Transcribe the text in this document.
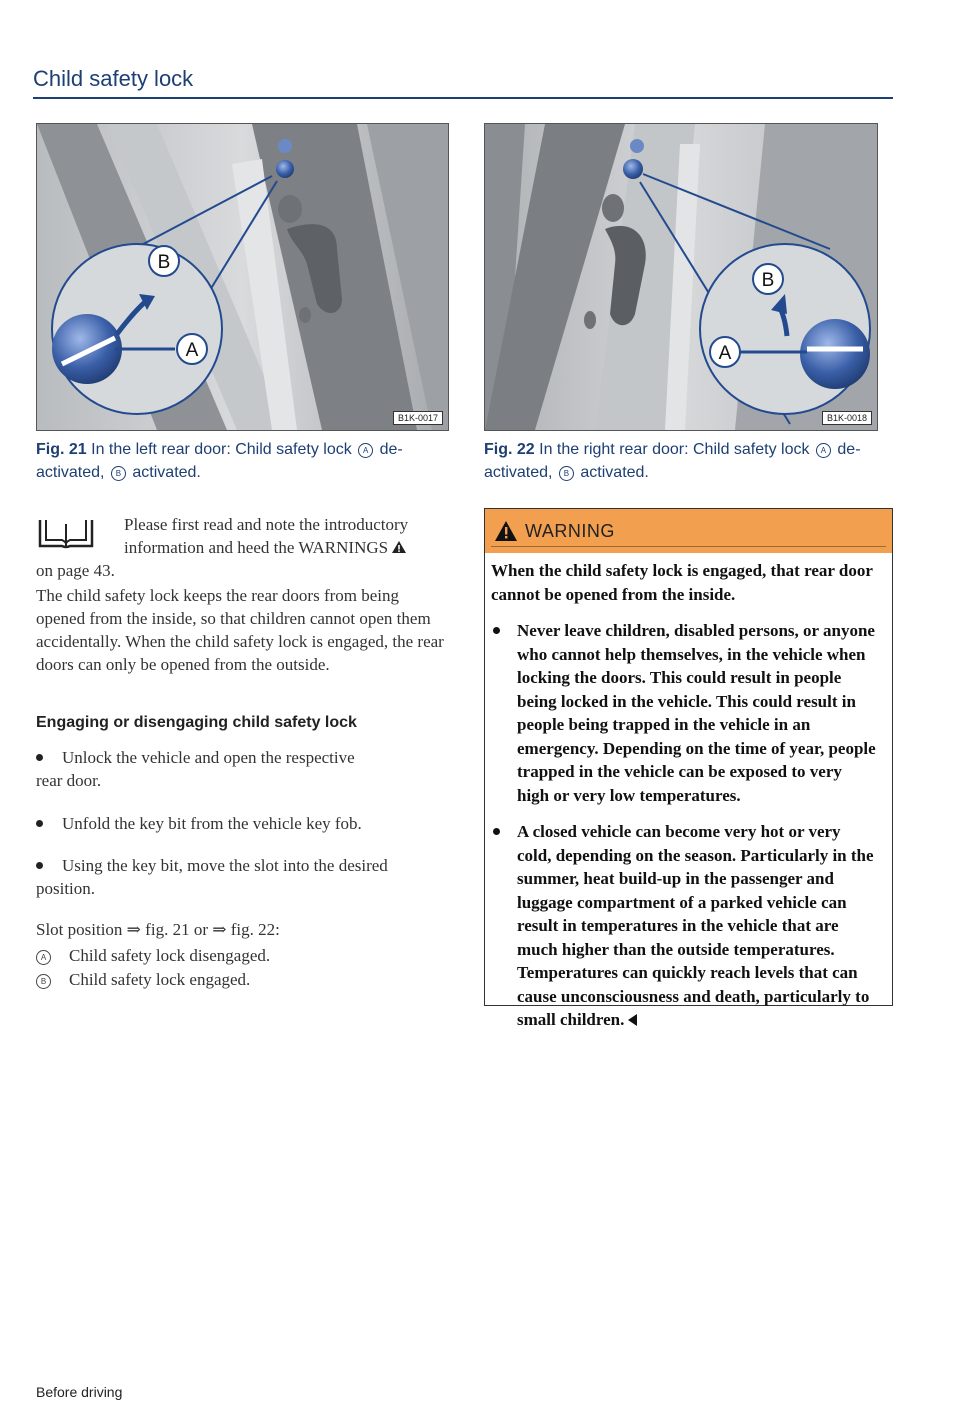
Child safety lock
B
A
B1K-0017
B
A
B1K-0018
Fig. 21 In the left rear door: Child safety lock A de-
activated, B activated.
Fig. 22 In the right rear door: Child safety lock A de-
activated, B activated.
Please first read and note the introductory
information and heed the WARNINGS
on page 43.
The child safety lock keeps the rear doors from being opened from the inside, so that children cannot open them accidentally. When the child safety lock is engaged, the rear doors can only be opened from the outside.
Engaging or disengaging child safety lock
Unlock the vehicle and open the respective
rear door.
Unfold the key bit from the vehicle key fob.
Using the key bit, move the slot into the desired
position.
Slot position ⇒ fig. 21 or ⇒ fig. 22:
A Child safety lock disengaged.
B Child safety lock engaged.
WARNING

When the child safety lock is engaged, that rear door cannot be opened from the inside.

Never leave children, disabled persons, or anyone who cannot help themselves, in the vehicle when locking the doors. This could result in people being locked in the vehicle. This could result in people being trapped in the vehicle in an emergency. Depending on the time of year, people trapped in the vehicle can be exposed to very high or very low temperatures.
A closed vehicle can become very hot or very cold, depending on the season. Particularly in the summer, heat build-up in the passenger and luggage compartment of a parked vehicle can result in temperatures in the vehicle that are much higher than the outside temperatures. Temperatures can quickly reach levels that can cause unconsciousness and death, particularly to small children.
Before driving
